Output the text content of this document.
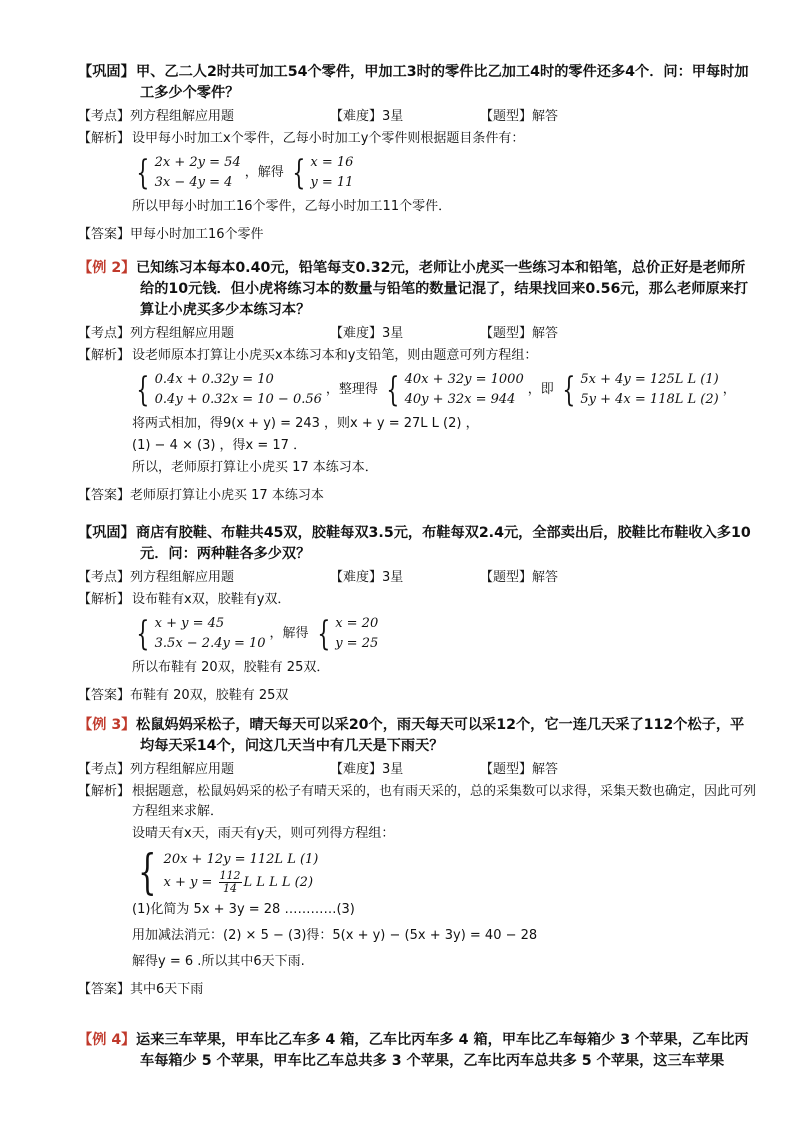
【巩固】甲、乙二人2时共可加工54个零件，甲加工3时的零件比乙加工4时的零件还多4个．问：甲每时加工多少个零件？
【考点】列方程组解应用题	【难度】3星	【题型】解答
【解析】 设甲每小时加工x个零件，乙每小时加工y个零件则根据题目条件有：
{ 2x + 2y = 54
3x − 4y = 4
，解得 { x = 16
y = 11
所以甲每小时加工16个零件，乙每小时加工11个零件．
【答案】甲每小时加工16个零件
【例 2】已知练习本每本0.40元，铅笔每支0.32元，老师让小虎买一些练习本和铅笔，总价正好是老师所给的10元钱．但小虎将练习本的数量与铅笔的数量记混了，结果找回来0.56元，那么老师原来打算让小虎买多少本练习本？
【考点】列方程组解应用题	【难度】3星	【题型】解答
【解析】 设老师原本打算让小虎买x本练习本和y支铅笔，则由题意可列方程组：
{ 0.4x + 0.32y = 10
0.4y + 0.32x = 10 − 0.56
，整理得 { 40x + 32y = 1000
40y + 32x = 944
，即 { 5x + 4y = 125L L (1)
5y + 4x = 118L L (2)
，
将两式相加，得9(x + y) = 243 ，则x + y = 27L L (2) ，
(1) − 4 × (3) ，得x = 17 ．
所以，老师原打算让小虎买 17 本练习本．
【答案】老师原打算让小虎买 17 本练习本
【巩固】商店有胶鞋、布鞋共45双，胶鞋每双3.5元，布鞋每双2.4元，全部卖出后，胶鞋比布鞋收入多10元．问：两种鞋各多少双？
【考点】列方程组解应用题	【难度】3星	【题型】解答
【解析】 设布鞋有x双，胶鞋有y双．
{ x + y = 45
3.5x − 2.4y = 10
，解得 { x = 20
y = 25
所以布鞋有 20双，胶鞋有 25双．
【答案】布鞋有 20双，胶鞋有 25双
【例 3】松鼠妈妈采松子，晴天每天可以采20个，雨天每天可以采12个，它一连几天采了112个松子，平均每天采14个，问这几天当中有几天是下雨天？
【考点】列方程组解应用题	【难度】3星	【题型】解答
【解析】 根据题意，松鼠妈妈采的松子有晴天采的，也有雨天采的，总的采集数可以求得，采集天数也确定，因此可列方程组来求解．
设晴天有x天，雨天有y天，则可列得方程组：
{ 20x + 12y = 112L L (1)
$x + y = \frac{112}{14}$ L L L L (2)
(1)化简为 5x + 3y = 28 …………(3)
用加减法消元：(2) × 5 − (3)得：5(x + y) − (5x + 3y) = 40 − 28
解得y = 6 .所以其中6天下雨.
【答案】其中6天下雨
【例 4】运来三车苹果，甲车比乙车多 4 箱，乙车比丙车多 4 箱，甲车比乙车每箱少 3 个苹果，乙车比丙车每箱少 5 个苹果，甲车比乙车总共多 3 个苹果，乙车比丙车总共多 5 个苹果，这三车苹果
